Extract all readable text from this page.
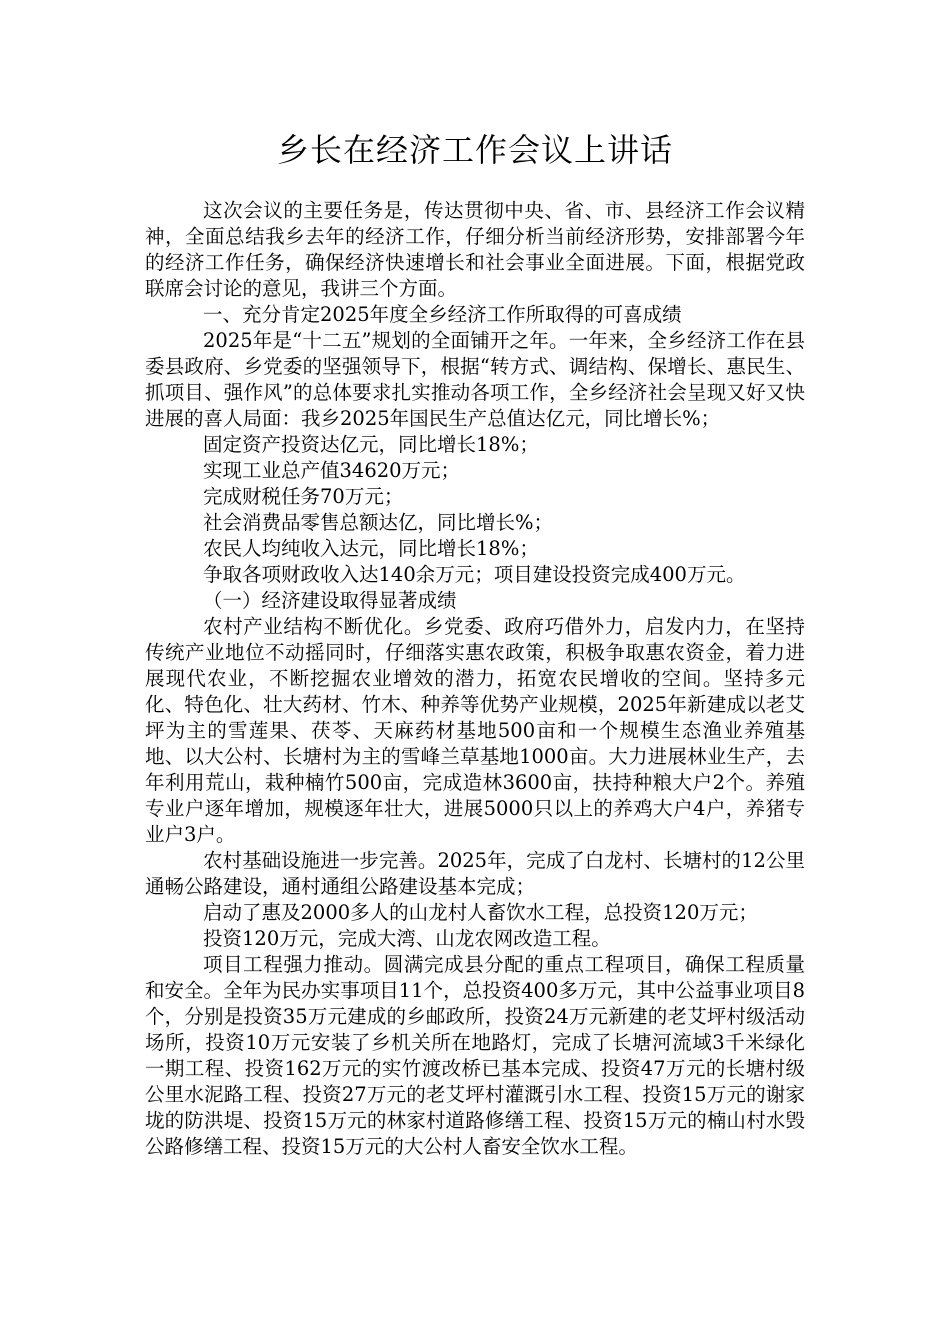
乡长在经济工作会议上讲话

这次会议的主要任务是，传达贯彻中央、省、市、县经济工作会议精神，全面总结我乡去年的经济工作，仔细分析当前经济形势，安排部署今年的经济工作任务，确保经济快速增长和社会事业全面进展。下面，根据党政联席会讨论的意见，我讲三个方面。

一、充分肯定2025年度全乡经济工作所取得的可喜成绩

2025年是“十二五”规划的全面铺开之年。一年来，全乡经济工作在县委县政府、乡党委的坚强领导下，根据“转方式、调结构、保增长、惠民生、抓项目、强作风”的总体要求扎实推动各项工作，全乡经济社会呈现又好又快进展的喜人局面：我乡2025年国民生产总值达亿元，同比增长%；

固定资产投资达亿元，同比增长18%；

实现工业总产值34620万元；

完成财税任务70万元；

社会消费品零售总额达亿，同比增长%；

农民人均纯收入达元，同比增长18%；

争取各项财政收入达140余万元；项目建设投资完成400万元。

（一）经济建设取得显著成绩

农村产业结构不断优化。乡党委、政府巧借外力，启发内力，在坚持传统产业地位不动摇同时，仔细落实惠农政策，积极争取惠农资金，着力进展现代农业，不断挖掘农业增效的潜力，拓宽农民增收的空间。坚持多元化、特色化、壮大药材、竹木、种养等优势产业规模，2025年新建成以老艾坪为主的雪莲果、茯苓、天麻药材基地500亩和一个规模生态渔业养殖基地、以大公村、长塘村为主的雪峰兰草基地1000亩。大力进展林业生产，去年利用荒山，栽种楠竹500亩，完成造林3600亩，扶持种粮大户2个。养殖专业户逐年增加，规模逐年壮大，进展5000只以上的养鸡大户4户，养猪专业户3户。

农村基础设施进一步完善。2025年，完成了白龙村、长塘村的12公里通畅公路建设，通村通组公路建设基本完成；

启动了惠及2000多人的山龙村人畜饮水工程，总投资120万元；

投资120万元，完成大湾、山龙农网改造工程。

项目工程强力推动。圆满完成县分配的重点工程项目，确保工程质量和安全。全年为民办实事项目11个，总投资400多万元，其中公益事业项目8个，分别是投资35万元建成的乡邮政所，投资24万元新建的老艾坪村级活动场所，投资10万元安装了乡机关所在地路灯，完成了长塘河流域3千米绿化一期工程、投资162万元的实竹渡改桥已基本完成、投资47万元的长塘村级公里水泥路工程、投资27万元的老艾坪村灌溉引水工程、投资15万元的谢家垅的防洪堤、投资15万元的林家村道路修缮工程、投资15万元的楠山村水毁公路修缮工程、投资15万元的大公村人畜安全饮水工程。
